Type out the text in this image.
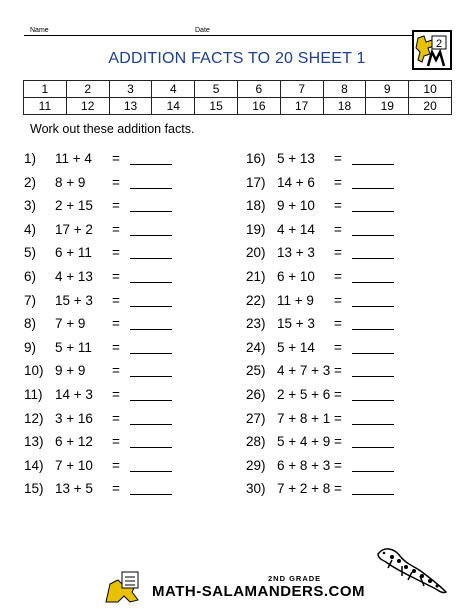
Name	Date
ADDITION FACTS TO 20 SHEET 1
2
1	2	3	4	5	6	7	8	9	10
11	12	13	14	15	16	17	18	19	20
Work out these addition facts.
1) 11 + 4 =
2) 8 + 9 =
3) 2 + 15 =
4) 17 + 2 =
5) 6 + 11 =
6) 4 + 13 =
7) 15 + 3 =
8) 7 + 9 =
9) 5 + 11 =
10) 9 + 9 =
11) 14 + 3 =
12) 3 + 16 =
13) 6 + 12 =
14) 7 + 10 =
15) 13 + 5 =
16) 5 + 13 =
17) 14 + 6 =
18) 9 + 10 =
19) 4 + 14 =
20) 13 + 3 =
21) 6 + 10 =
22) 11 + 9 =
23) 15 + 3 =
24) 5 + 14 =
25) 4 + 7 + 3 =
26) 2 + 5 + 6 =
27) 7 + 8 + 1 =
28) 5 + 4 + 9 =
29) 6 + 8 + 3 =
30) 7 + 2 + 8 =
2ND GRADE
MATH-SALAMANDERS.COM
